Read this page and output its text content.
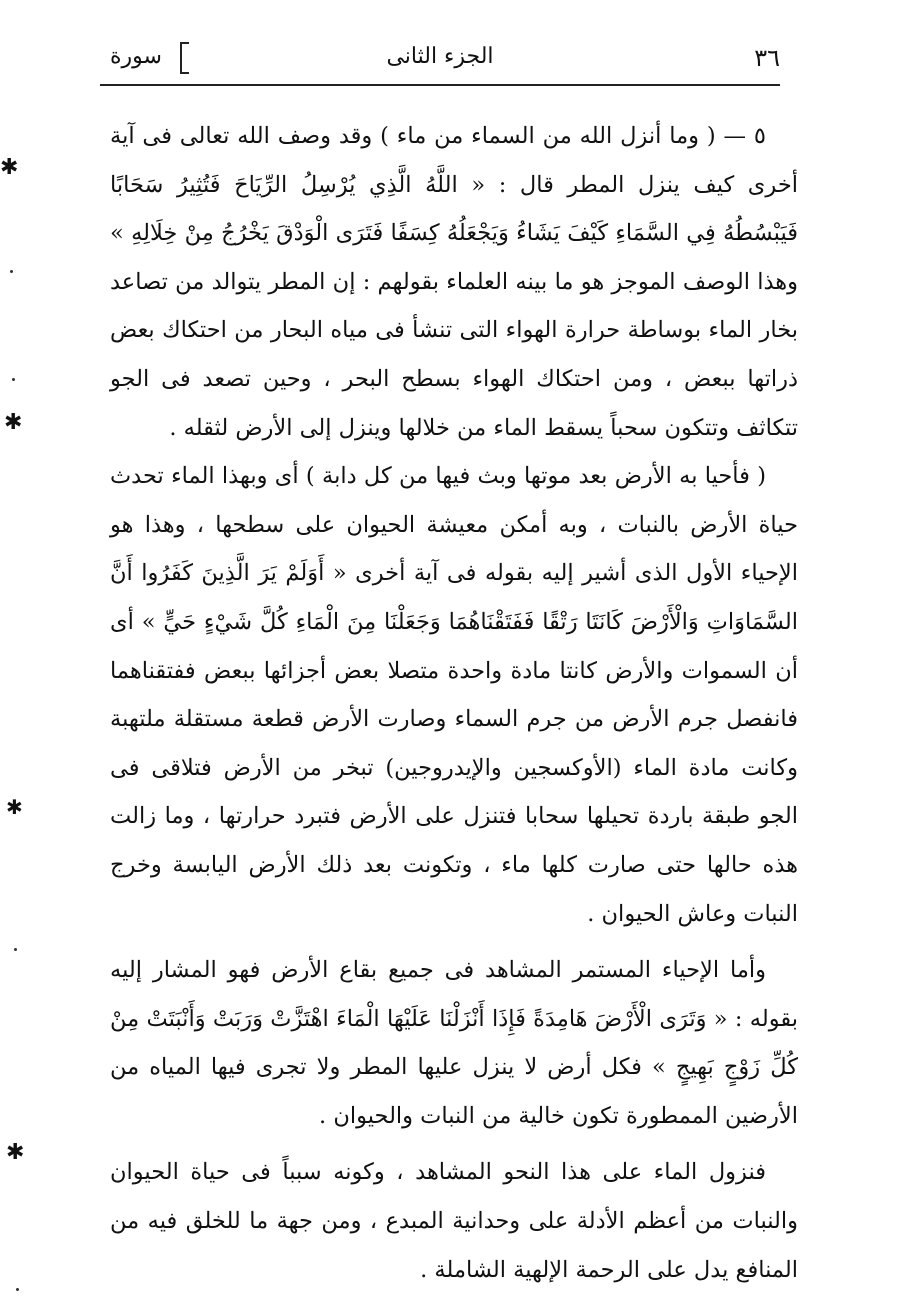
٣٦
الجزء الثانى
سورة

٥ — ( وما أنزل الله من السماء من ماء ) وقد وصف الله تعالى فى آية أخرى كيف ينزل المطر قال : « اللَّهُ الَّذِي يُرْسِلُ الرِّيَاحَ فَتُثِيرُ سَحَابًا فَيَبْسُطُهُ فِي السَّمَاءِ كَيْفَ يَشَاءُ وَيَجْعَلُهُ كِسَفًا فَتَرَى الْوَدْقَ يَخْرُجُ مِنْ خِلَالِهِ » وهذا الوصف الموجز هو ما بينه العلماء بقولهم : إن المطر يتوالد من تصاعد بخار الماء بوساطة حرارة الهواء التى تنشأ فى مياه البحار من احتكاك بعض ذراتها ببعض ، ومن احتكاك الهواء بسطح البحر ، وحين تصعد فى الجو تتكاثف وتتكون سحباً يسقط الماء من خلالها وينزل إلى الأرض لثقله .

( فأحيا به الأرض بعد موتها وبث فيها من كل دابة ) أى وبهذا الماء تحدث حياة الأرض بالنبات ، وبه أمكن معيشة الحيوان على سطحها ، وهذا هو الإحياء الأول الذى أشير إليه بقوله فى آية أخرى « أَوَلَمْ يَرَ الَّذِينَ كَفَرُوا أَنَّ السَّمَاوَاتِ وَالْأَرْضَ كَانَتَا رَتْقًا فَفَتَقْنَاهُمَا وَجَعَلْنَا مِنَ الْمَاءِ كُلَّ شَيْءٍ حَيٍّ » أى أن السموات والأرض كانتا مادة واحدة متصلا بعض أجزائها ببعض ففتقناهما فانفصل جرم الأرض من جرم السماء وصارت الأرض قطعة مستقلة ملتهبة وكانت مادة الماء (الأوكسجين والإيدروجين) تبخر من الأرض فتلاقى فى الجو طبقة باردة تحيلها سحابا فتنزل على الأرض فتبرد حرارتها ، وما زالت هذه حالها حتى صارت كلها ماء ، وتكونت بعد ذلك الأرض اليابسة وخرج النبات وعاش الحيوان .

وأما الإحياء المستمر المشاهد فى جميع بقاع الأرض فهو المشار إليه بقوله : « وَتَرَى الْأَرْضَ هَامِدَةً فَإِذَا أَنْزَلْنَا عَلَيْهَا الْمَاءَ اهْتَزَّتْ وَرَبَتْ وَأَنْبَتَتْ مِنْ كُلِّ زَوْجٍ بَهِيجٍ » فكل أرض لا ينزل عليها المطر ولا تجرى فيها المياه من الأرضين الممطورة تكون خالية من النبات والحيوان .

فنزول الماء على هذا النحو المشاهد ، وكونه سبباً فى حياة الحيوان والنبات من أعظم الأدلة على وحدانية المبدع ، ومن جهة ما للخلق فيه من المنافع يدل على الرحمة الإلهية الشاملة .

✱
✱
✱
✱
